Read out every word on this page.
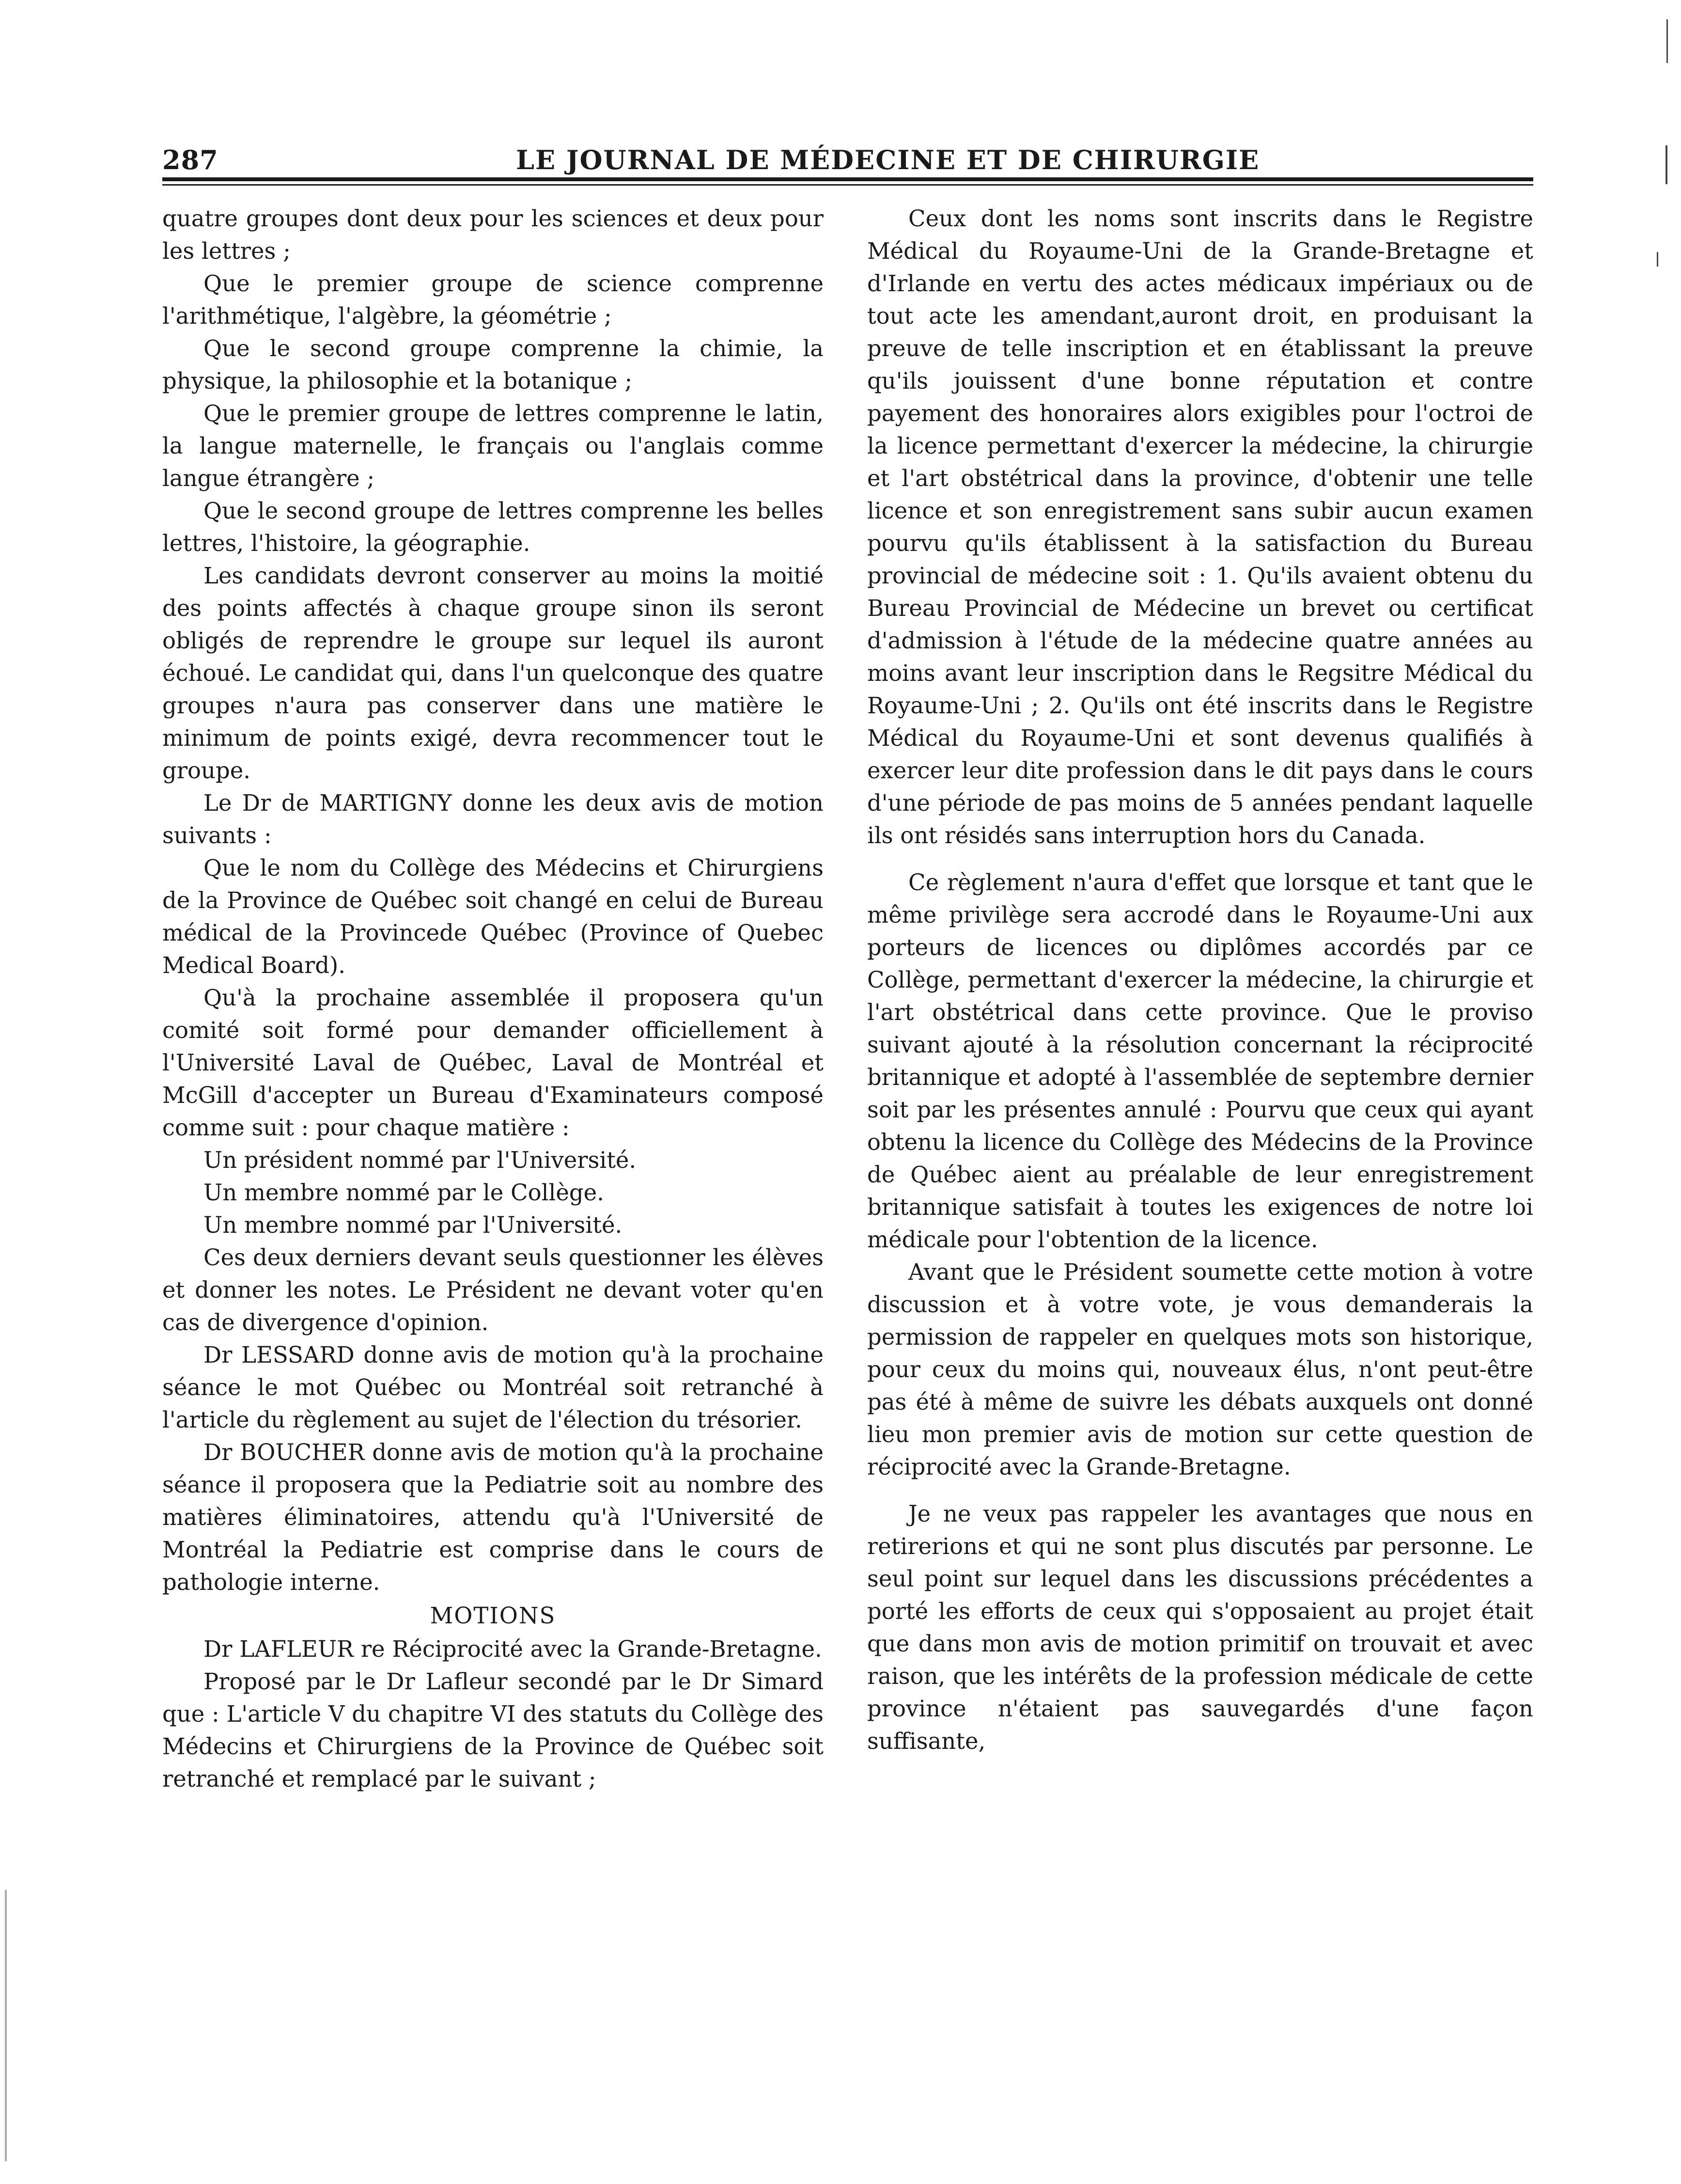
287	LE JOURNAL DE MÉDECINE ET DE CHIRURGIE

quatre groupes dont deux pour les sciences et deux pour les lettres ;

Que le premier groupe de science comprenne l'arithmétique, l'algèbre, la géométrie ;

Que le second groupe comprenne la chimie, la physique, la philosophie et la botanique ;

Que le premier groupe de lettres comprenne le latin, la langue maternelle, le français ou l'anglais comme langue étrangère ;

Que le second groupe de lettres comprenne les belles lettres, l'histoire, la géographie.

Les candidats devront conserver au moins la moitié des points affectés à chaque groupe sinon ils seront obligés de reprendre le groupe sur lequel ils auront échoué. Le candidat qui, dans l'un quelconque des quatre groupes n'aura pas conserver dans une matière le minimum de points exigé, devra recommencer tout le groupe.

Le Dr de MARTIGNY donne les deux avis de motion suivants :

Que le nom du Collège des Médecins et Chirurgiens de la Province de Québec soit changé en celui de Bureau médical de la Provincede Québec (Province of Quebec Medical Board).

Qu'à la prochaine assemblée il proposera qu'un comité soit formé pour demander officiellement à l'Université Laval de Québec, Laval de Montréal et McGill d'accepter un Bureau d'Examinateurs composé comme suit : pour chaque matière :

Un président nommé par l'Université.

Un membre nommé par le Collège.

Un membre nommé par l'Université.

Ces deux derniers devant seuls questionner les élèves et donner les notes. Le Président ne devant voter qu'en cas de divergence d'opinion.

Dr LESSARD donne avis de motion qu'à la prochaine séance le mot Québec ou Montréal soit retranché à l'article du règlement au sujet de l'élection du trésorier.

Dr BOUCHER donne avis de motion qu'à la prochaine séance il proposera que la Pediatrie soit au nombre des matières éliminatoires, attendu qu'à l'Université de Montréal la Pediatrie est comprise dans le cours de pathologie interne.

MOTIONS

Dr LAFLEUR re Réciprocité avec la Grande-Bretagne.

Proposé par le Dr Lafleur secondé par le Dr Simard que : L'article V du chapitre VI des statuts du Collège des Médecins et Chirurgiens de la Province de Québec soit retranché et remplacé par le suivant ;

Ceux dont les noms sont inscrits dans le Registre Médical du Royaume-Uni de la Grande-Bretagne et d'Irlande en vertu des actes médicaux impériaux ou de tout acte les amendant,auront droit, en produisant la preuve de telle inscription et en établissant la preuve qu'ils jouissent d'une bonne réputation et contre payement des honoraires alors exigibles pour l'octroi de la licence permettant d'exercer la médecine, la chirurgie et l'art obstétrical dans la province, d'obtenir une telle licence et son enregistrement sans subir aucun examen pourvu qu'ils établissent à la satisfaction du Bureau provincial de médecine soit : 1. Qu'ils avaient obtenu du Bureau Provincial de Médecine un brevet ou certificat d'admission à l'étude de la médecine quatre années au moins avant leur inscription dans le Regsitre Médical du Royaume-Uni ; 2. Qu'ils ont été inscrits dans le Registre Médical du Royaume-Uni et sont devenus qualifiés à exercer leur dite profession dans le dit pays dans le cours d'une période de pas moins de 5 années pendant laquelle ils ont résidés sans interruption hors du Canada.

Ce règlement n'aura d'effet que lorsque et tant que le même privilège sera accrodé dans le Royaume-Uni aux porteurs de licences ou diplômes accordés par ce Collège, permettant d'exercer la médecine, la chirurgie et l'art obstétrical dans cette province. Que le proviso suivant ajouté à la résolution concernant la réciprocité britannique et adopté à l'assemblée de septembre dernier soit par les présentes annulé : Pourvu que ceux qui ayant obtenu la licence du Collège des Médecins de la Province de Québec aient au préalable de leur enregistrement britannique satisfait à toutes les exigences de notre loi médicale pour l'obtention de la licence.

Avant que le Président soumette cette motion à votre discussion et à votre vote, je vous demanderais la permission de rappeler en quelques mots son historique, pour ceux du moins qui, nouveaux élus, n'ont peut-être pas été à même de suivre les débats auxquels ont donné lieu mon premier avis de motion sur cette question de réciprocité avec la Grande-Bretagne.

Je ne veux pas rappeler les avantages que nous en retirerions et qui ne sont plus discutés par personne. Le seul point sur lequel dans les discussions précédentes a porté les efforts de ceux qui s'opposaient au projet était que dans mon avis de motion primitif on trouvait et avec raison, que les intérêts de la profession médicale de cette province n'étaient pas sauvegardés d'une façon suffisante,
